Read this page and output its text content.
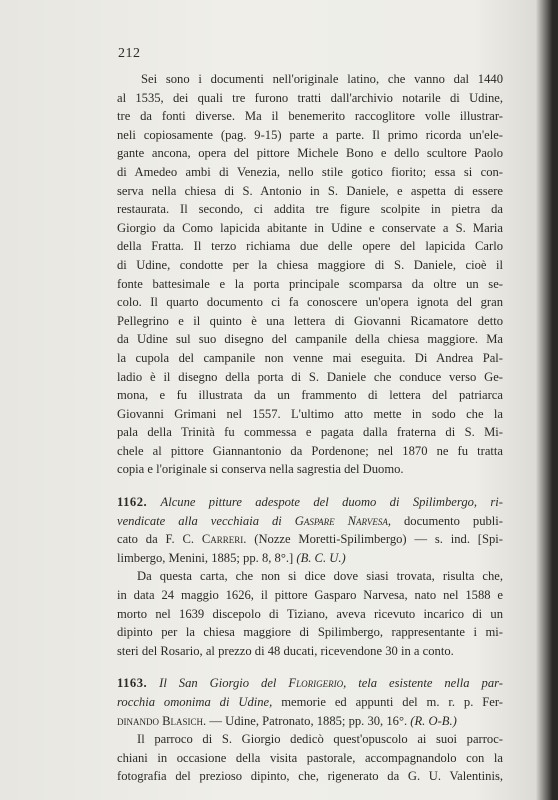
212
Sei sono i documenti nell'originale latino, che vanno dal 1440
al 1535, dei quali tre furono tratti dall'archivio notarile di Udine,
tre da fonti diverse. Ma il benemerito raccoglitore volle illustrar-
neli copiosamente (pag. 9-15) parte a parte. Il primo ricorda un'ele-
gante ancona, opera del pittore Michele Bono e dello scultore Paolo
di Amedeo ambi di Venezia, nello stile gotico fiorito; essa si con-
serva nella chiesa di S. Antonio in S. Daniele, e aspetta di essere
restaurata. Il secondo, ci addita tre figure scolpite in pietra da
Giorgio da Como lapicida abitante in Udine e conservate a S. Maria
della Fratta. Il terzo richiama due delle opere del lapicida Carlo
di Udine, condotte per la chiesa maggiore di S. Daniele, cioè il
fonte battesimale e la porta principale scomparsa da oltre un se-
colo. Il quarto documento ci fa conoscere un'opera ignota del gran
Pellegrino e il quinto è una lettera di Giovanni Ricamatore detto
da Udine sul suo disegno del campanile della chiesa maggiore. Ma
la cupola del campanile non venne mai eseguita. Di Andrea Pal-
ladio è il disegno della porta di S. Daniele che conduce verso Ge-
mona, e fu illustrata da un frammento di lettera del patriarca
Giovanni Grimani nel 1557. L'ultimo atto mette in sodo che la
pala della Trinità fu commessa e pagata dalla fraterna di S. Mi-
chele al pittore Giannantonio da Pordenone; nel 1870 ne fu tratta
copia e l'originale si conserva nella sagrestia del Duomo.
1162. Alcune pitture adespote del duomo di Spilimbergo, ri-
vendicate alla vecchiaia di Gaspare Narvesa, documento publi-
cato da F. C. Carreri. (Nozze Moretti-Spilimbergo) — s. ind. [Spi-
limbergo, Menini, 1885; pp. 8, 8°.] (B. C. U.)
Da questa carta, che non si dice dove siasi trovata, risulta che,
in data 24 maggio 1626, il pittore Gasparo Narvesa, nato nel 1588 e
morto nel 1639 discepolo di Tiziano, aveva ricevuto incarico di un
dipinto per la chiesa maggiore di Spilimbergo, rappresentante i mi-
steri del Rosario, al prezzo di 48 ducati, ricevendone 30 in a conto.
1163. Il San Giorgio del Florigerio, tela esistente nella par-
rocchia omonima di Udine, memorie ed appunti del m. r. p. Fer-
dinando Blasich. — Udine, Patronato, 1885; pp. 30, 16°. (R. O-B.)
Il parroco di S. Giorgio dedicò quest'opuscolo ai suoi parroc-
chiani in occasione della visita pastorale, accompagnandolo con la
fotografia del prezioso dipinto, che, rigenerato da G. U. Valentinis,
